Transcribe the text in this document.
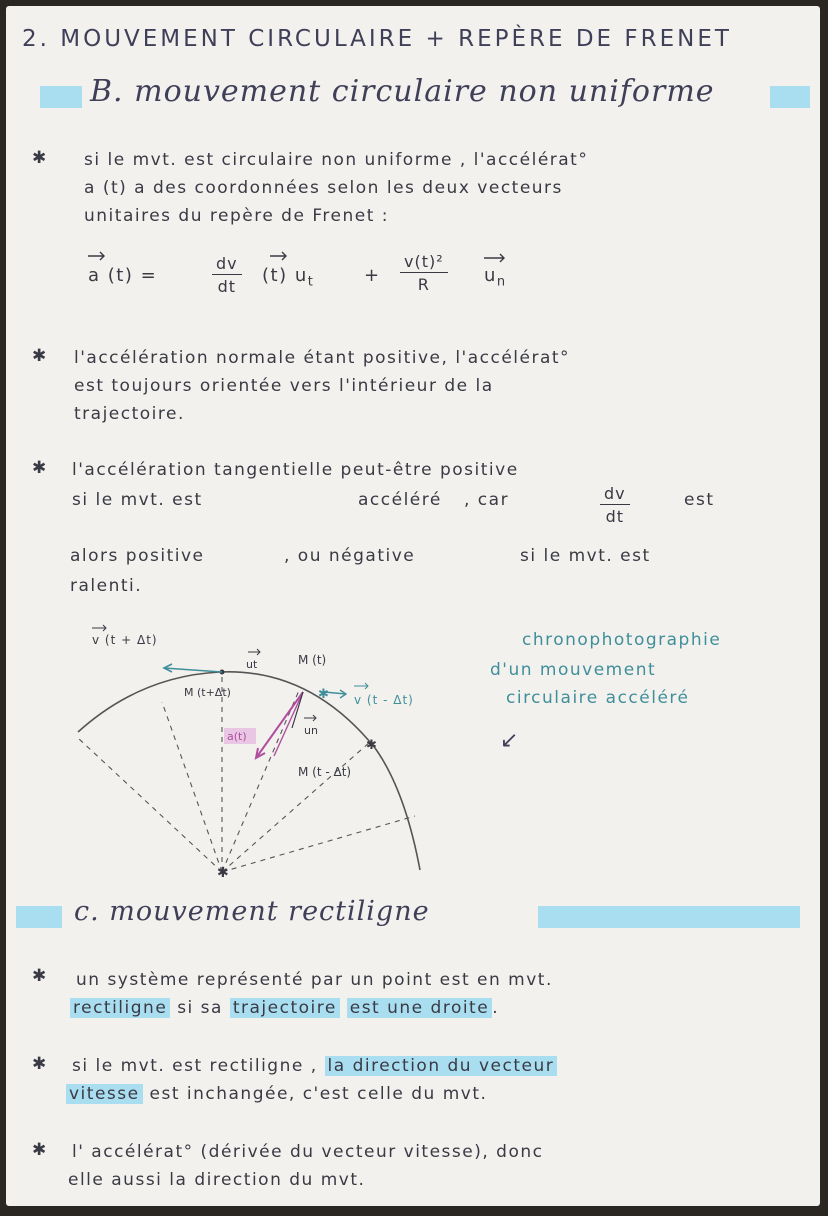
2. MOUVEMENT CIRCULAIRE + REPÈRE DE FRENET
B. mouvement circulaire non uniforme
✱ si le mvt. est circulaire non uniforme , l'accélérat°
a (t) a des coordonnées selon les deux vecteurs
unitaires du repère de Frenet :
a (t) =	$\frac{dv}{dt} (t)$ $u_t$	+ $\frac{\text{v(t)²}}{R} u_n$
✱ l'accélération normale étant positive, l'accélérat°
est toujours orientée vers l'intérieur de la
trajectoire.
✱ l'accélération tangentielle peut-être positive
si le mvt. est	accéléré , car	$\frac{dv}{dt}$	est
alors positive	, ou négative	si le mvt. est
ralenti.
✱
✱
✱
v (t + Δt)
ut	M (t)
M (t+Δt)
v (t - Δt)
a(t)	un
M (t - Δt)
chronophotographie
d'un mouvement
circulaire accéléré
↙
c. mouvement rectiligne
✱ un système représenté par un point est en mvt.
rectiligne si sa trajectoire est une droite .
✱ si le mvt. est rectiligne , la direction du vecteur
vitesse est inchangée, c'est celle du mvt.
✱ l' accélérat° (dérivée du vecteur vitesse), donc
elle aussi la direction du mvt.
